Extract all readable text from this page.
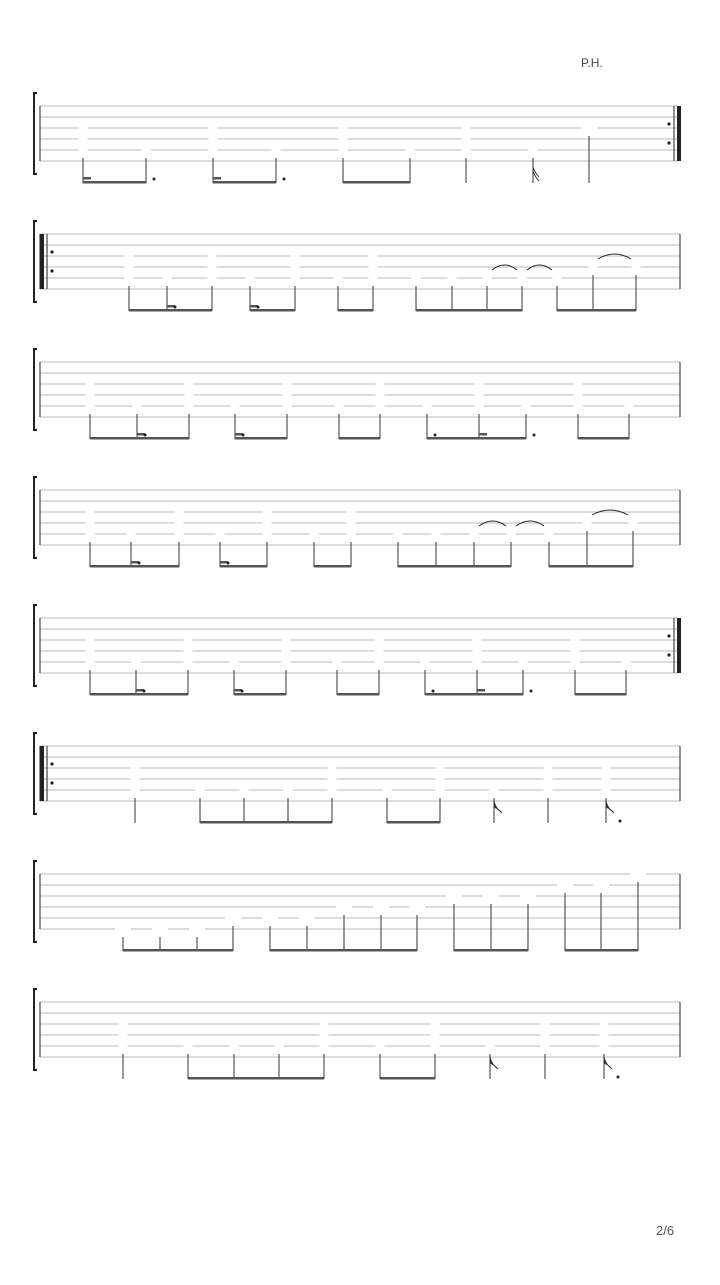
P.H.
2/6
